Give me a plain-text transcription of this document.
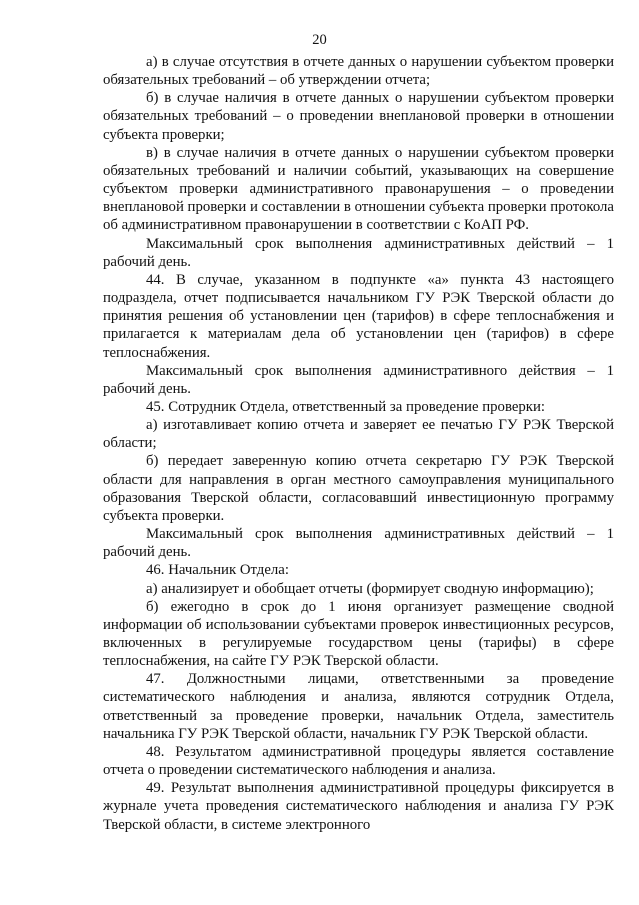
20

а) в случае отсутствия в отчете данных о нарушении субъектом проверки обязательных требований – об утверждении отчета;

б) в случае наличия в отчете данных о нарушении субъектом проверки обязательных требований – о проведении внеплановой проверки в отношении субъекта проверки;

в) в случае наличия в отчете данных о нарушении субъектом проверки обязательных требований и наличии событий, указывающих на совершение субъектом проверки административного правонарушения – о проведении внеплановой проверки и составлении в отношении субъекта проверки протокола об административном правонарушении в соответствии с КоАП РФ.

Максимальный срок выполнения административных действий – 1 рабочий день.

44. В случае, указанном в подпункте «а» пункта 43 настоящего подраздела, отчет подписывается начальником ГУ РЭК Тверской области до принятия решения об установлении цен (тарифов) в сфере теплоснабжения и прилагается к материалам дела об установлении цен (тарифов) в сфере теплоснабжения.

Максимальный срок выполнения административного действия – 1 рабочий день.

45. Сотрудник Отдела, ответственный за проведение проверки:

а) изготавливает копию отчета и заверяет ее печатью ГУ РЭК Тверской области;

б) передает заверенную копию отчета секретарю ГУ РЭК Тверской области для направления в орган местного самоуправления муниципального образования Тверской области, согласовавший инвестиционную программу субъекта проверки.

Максимальный срок выполнения административных действий – 1 рабочий день.

46. Начальник Отдела:

а) анализирует и обобщает отчеты (формирует сводную информацию);

б) ежегодно в срок до 1 июня организует размещение сводной информации об использовании субъектами проверок инвестиционных ресурсов, включенных в регулируемые государством цены (тарифы) в сфере теплоснабжения, на сайте ГУ РЭК Тверской области.

47. Должностными лицами, ответственными за проведение систематического наблюдения и анализа, являются сотрудник Отдела, ответственный за проведение проверки, начальник Отдела, заместитель начальника ГУ РЭК Тверской области, начальник ГУ РЭК Тверской области.

48. Результатом административной процедуры является составление отчета о проведении систематического наблюдения и анализа.

49. Результат выполнения административной процедуры фиксируется в журнале учета проведения систематического наблюдения и анализа ГУ РЭК Тверской области, в системе электронного
